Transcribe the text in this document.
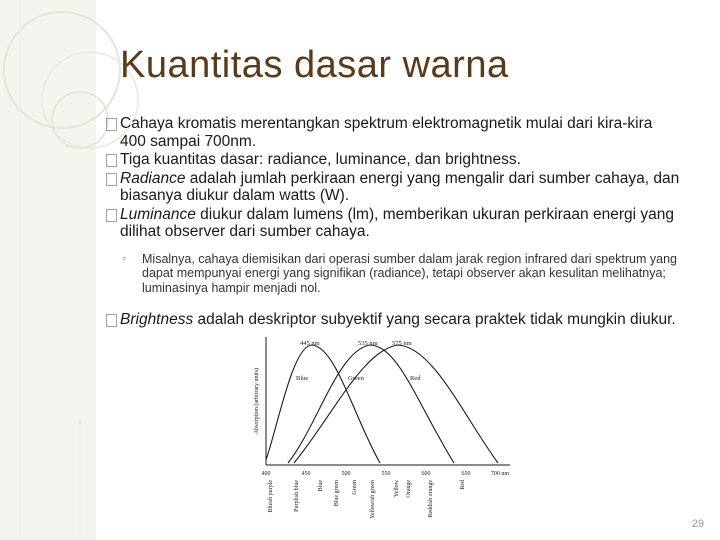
Kuantitas dasar warna
Cahaya kromatis merentangkan spektrum elektromagnetik mulai dari kira-kira 400 sampai 700nm.
Tiga kuantitas dasar: radiance, luminance, dan brightness.
Radiance adalah jumlah perkiraan energi yang mengalir dari sumber cahaya, dan biasanya diukur dalam watts (W).
Luminance diukur dalam lumens (lm), memberikan ukuran perkiraan energi yang dilihat observer dari sumber cahaya.
◦ Misalnya, cahaya diemisikan dari operasi sumber dalam jarak region infrared dari spektrum yang dapat mempunyai energi yang signifikan (radiance), tetapi observer akan kesulitan melihatnya; luminasinya hampir menjadi nol.
Brightness adalah deskriptor subyektif yang secara praktek tidak mungkin diukur.
Absorption (arbitrary units)
445 nm	535 nm 575 nm
Blue	Green	Red
400	450	500	550	600	650	700 nm
Bluish purple	Purplish blue	Blue Blue green Green Yellowish green	Yellow Orange	Reddish orange	Red
29
